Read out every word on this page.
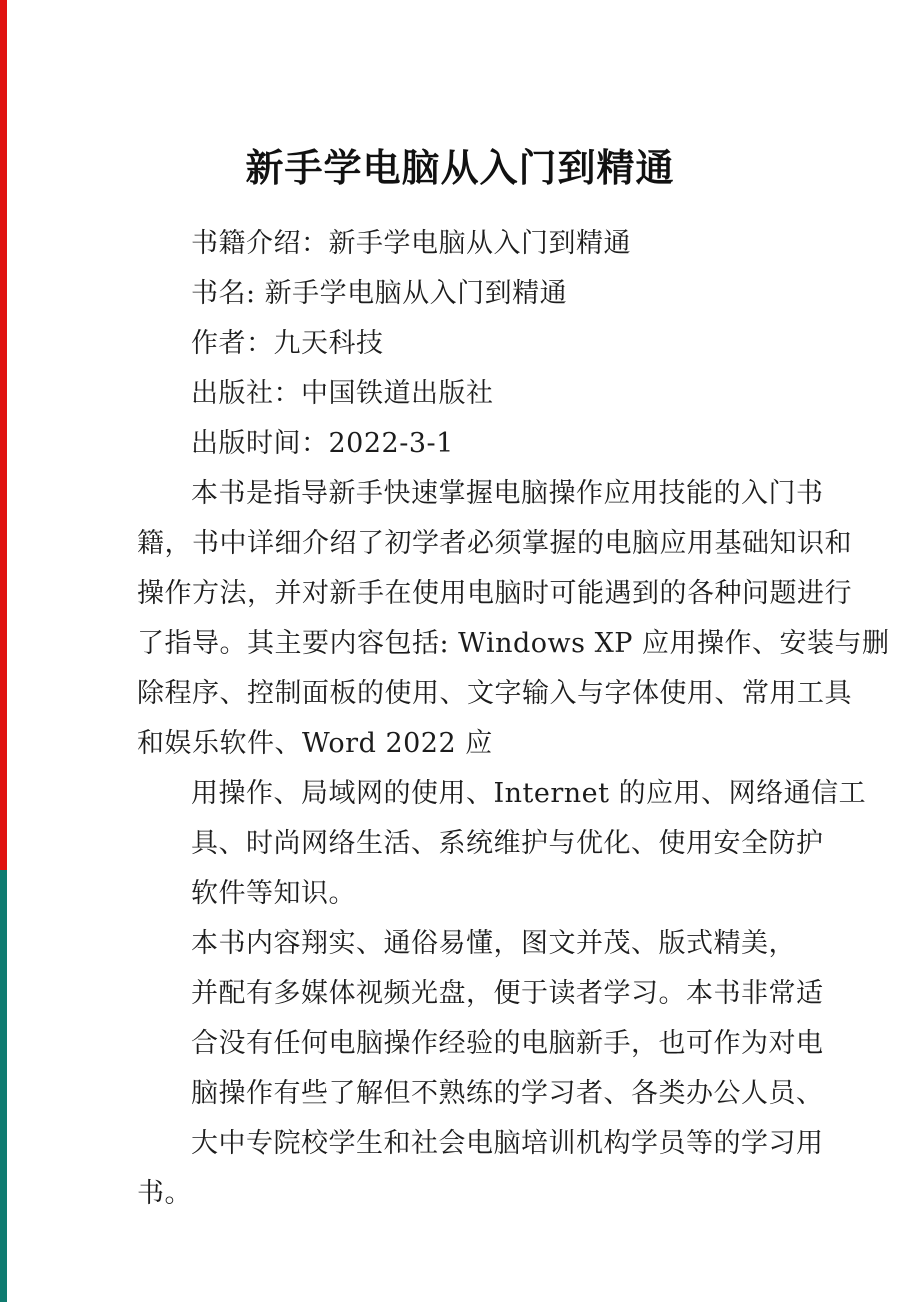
新手学电脑从入门到精通
书籍介绍：新手学电脑从入门到精通
书名: 新手学电脑从入门到精通
作者：九天科技
出版社：中国铁道出版社
出版时间：2022-3-1
本书是指导新手快速掌握电脑操作应用技能的入门书
籍，书中详细介绍了初学者必须掌握的电脑应用基础知识和
操作方法，并对新手在使用电脑时可能遇到的各种问题进行
了指导。其主要内容包括: Windows XP 应用操作、安装与删
除程序、控制面板的使用、文字输入与字体使用、常用工具
和娱乐软件、Word 2022 应
用操作、局域网的使用、Internet 的应用、网络通信工
具、时尚网络生活、系统维护与优化、使用安全防护
软件等知识。
本书内容翔实、通俗易懂，图文并茂、版式精美，
并配有多媒体视频光盘，便于读者学习。本书非常适
合没有任何电脑操作经验的电脑新手，也可作为对电
脑操作有些了解但不熟练的学习者、各类办公人员、
大中专院校学生和社会电脑培训机构学员等的学习用
书。
